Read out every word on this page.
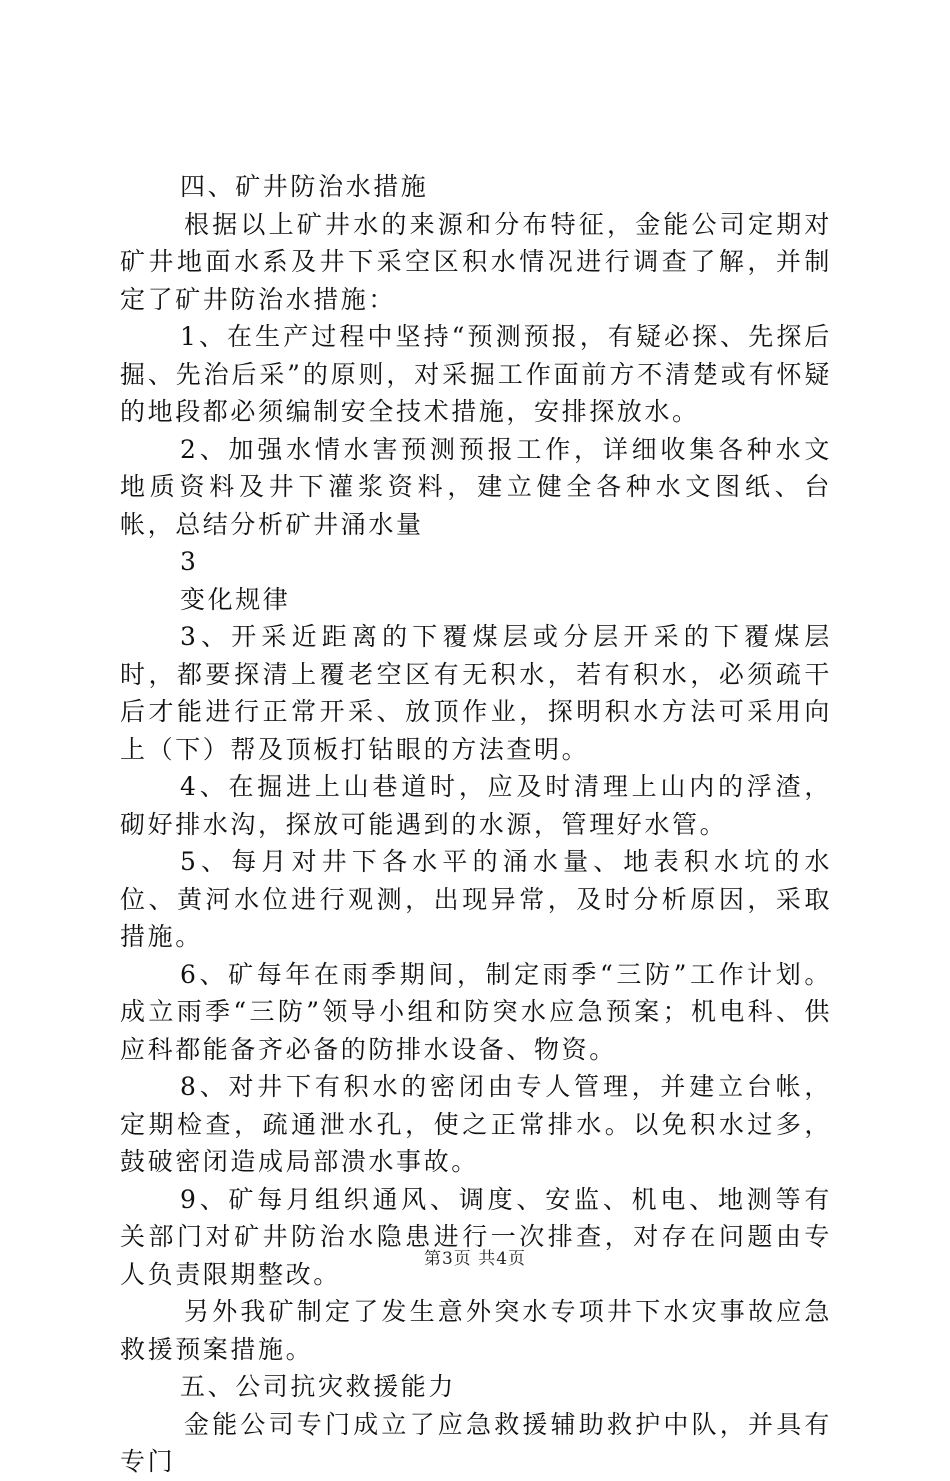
四、矿井防治水措施

根据以上矿井水的来源和分布特征，金能公司定期对矿井地面水系及井下采空区积水情况进行调查了解，并制定了矿井防治水措施：

1、在生产过程中坚持“预测预报，有疑必探、先探后掘、先治后采”的原则，对采掘工作面前方不清楚或有怀疑的地段都必须编制安全技术措施，安排探放水。

2、加强水情水害预测预报工作，详细收集各种水文地质资料及井下灌浆资料，建立健全各种水文图纸、台帐，总结分析矿井涌水量

3

变化规律

3、开采近距离的下覆煤层或分层开采的下覆煤层时，都要探清上覆老空区有无积水，若有积水，必须疏干后才能进行正常开采、放顶作业，探明积水方法可采用向上（下）帮及顶板打钻眼的方法查明。

4、在掘进上山巷道时，应及时清理上山内的浮渣，砌好排水沟，探放可能遇到的水源，管理好水管。

5、每月对井下各水平的涌水量、地表积水坑的水位、黄河水位进行观测，出现异常，及时分析原因，采取措施。

6、矿每年在雨季期间，制定雨季“三防”工作计划。成立雨季“三防”领导小组和防突水应急预案；机电科、供应科都能备齐必备的防排水设备、物资。

8、对井下有积水的密闭由专人管理，并建立台帐，定期检查，疏通泄水孔，使之正常排水。以免积水过多，鼓破密闭造成局部溃水事故。

9、矿每月组织通风、调度、安监、机电、地测等有关部门对矿井防治水隐患进行一次排查，对存在问题由专人负责限期整改。

另外我矿制定了发生意外突水专项井下水灾事故应急救援预案措施。

五、公司抗灾救援能力

金能公司专门成立了应急救援辅助救护中队，并具有专门

第3页 共4页
